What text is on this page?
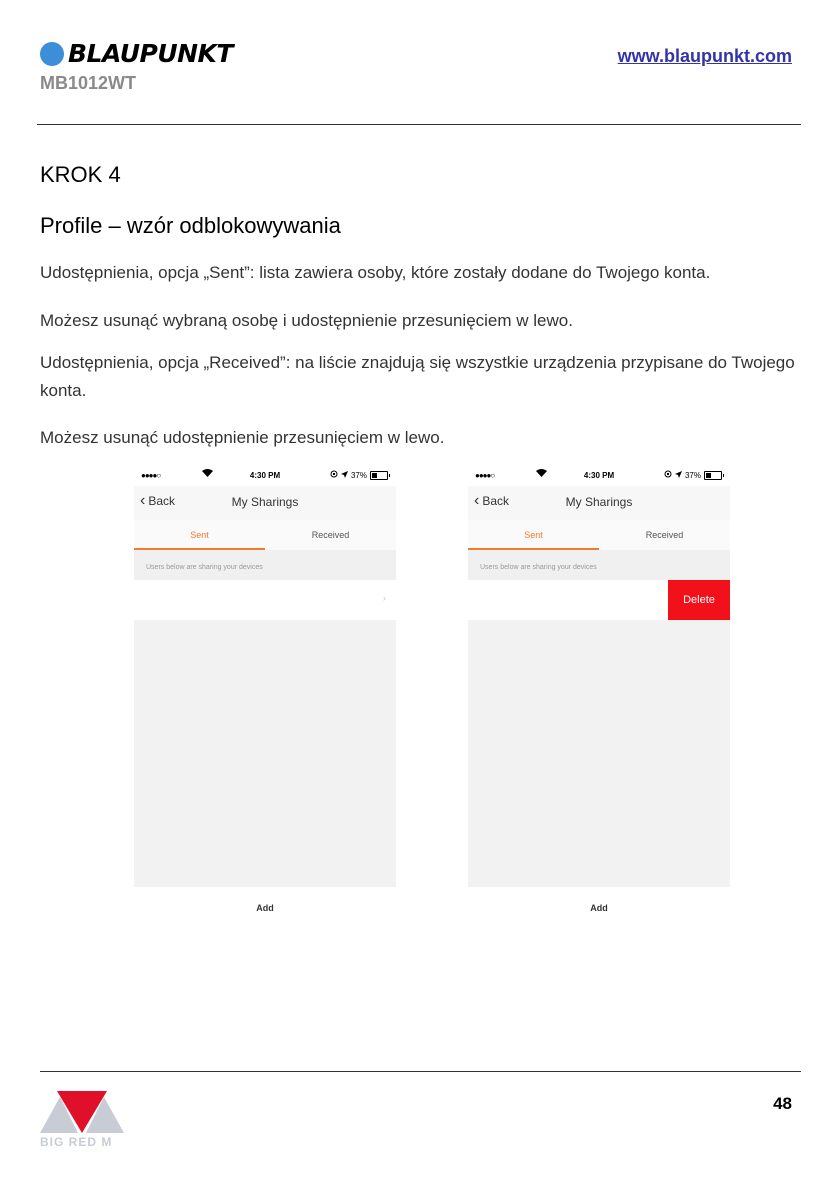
BLAUPUNKT
MB1012WT
www.blaupunkt.com
KROK 4
Profile – wzór odblokowywania
Udostępnienia, opcja „Sent”: lista zawiera osoby, które zostały dodane do Twojego konta.
Możesz usunąć wybraną osobę i udostępnienie przesunięciem w lewo.
Udostępnienia, opcja „Received”: na liście znajdują się wszystkie urządzenia przypisane do Twojego konta.
Możesz usunąć udostępnienie przesunięciem w lewo.
●●●●○	4:30 PM	37%
‹ Back	My Sharings
Sent	Received
Users below are sharing your devices
›
Add
●●●●○	4:30 PM	37%
‹ Back	My Sharings
Sent	Received
Users below are sharing your devices
Delete
Add
BIG RED M
48
